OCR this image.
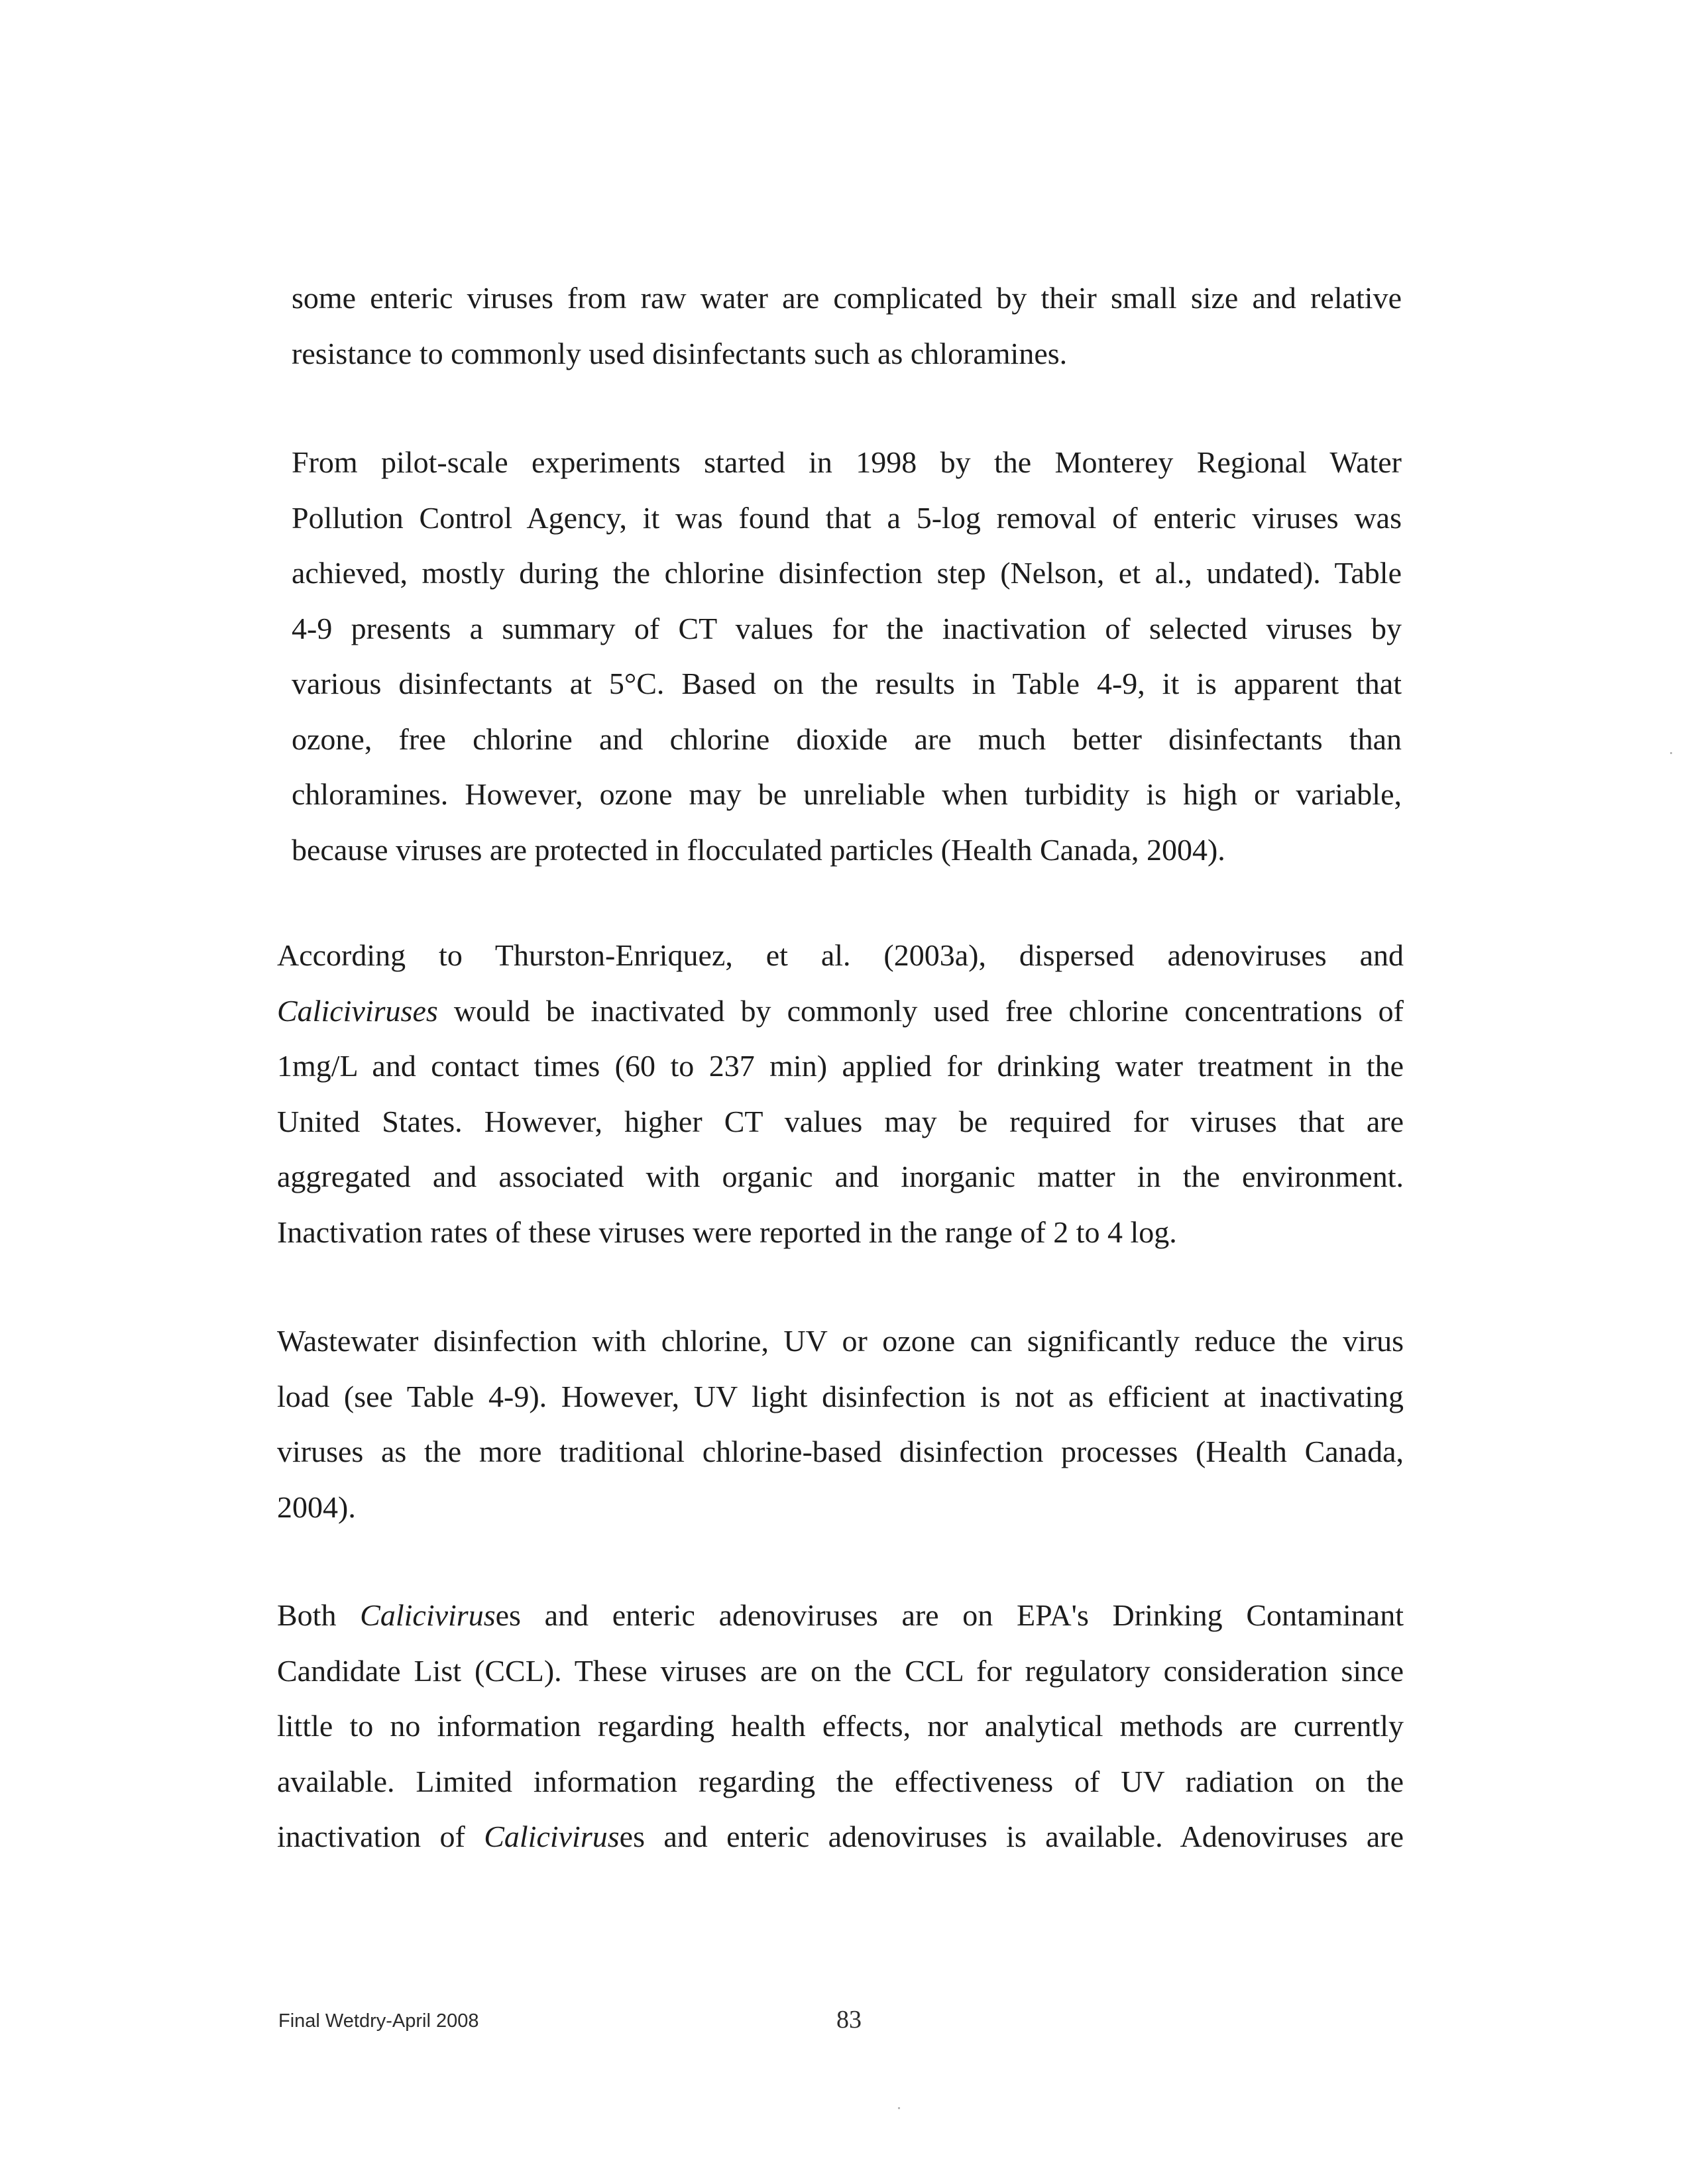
some enteric viruses from raw water are complicated by their small size and relative
resistance to commonly used disinfectants such as chloramines.

From pilot-scale experiments started in 1998 by the Monterey Regional Water
Pollution Control Agency, it was found that a 5-log removal of enteric viruses was
achieved, mostly during the chlorine disinfection step (Nelson, et al., undated). Table
4-9 presents a summary of CT values for the inactivation of selected viruses by
various disinfectants at 5°C. Based on the results in Table 4-9, it is apparent that
ozone, free chlorine and chlorine dioxide are much better disinfectants than
chloramines. However, ozone may be unreliable when turbidity is high or variable,
because viruses are protected in flocculated particles (Health Canada, 2004).

According to Thurston-Enriquez, et al. (2003a), dispersed adenoviruses and
Caliciviruses would be inactivated by commonly used free chlorine concentrations of
1mg/L and contact times (60 to 237 min) applied for drinking water treatment in the
United States. However, higher CT values may be required for viruses that are
aggregated and associated with organic and inorganic matter in the environment.
Inactivation rates of these viruses were reported in the range of 2 to 4 log.

Wastewater disinfection with chlorine, UV or ozone can significantly reduce the virus
load (see Table 4-9). However, UV light disinfection is not as efficient at inactivating
viruses as the more traditional chlorine-based disinfection processes (Health Canada,
2004).

Both Caliciviruses and enteric adenoviruses are on EPA's Drinking Contaminant
Candidate List (CCL). These viruses are on the CCL for regulatory consideration since
little to no information regarding health effects, nor analytical methods are currently
available. Limited information regarding the effectiveness of UV radiation on the
inactivation of Caliciviruses and enteric adenoviruses is available. Adenoviruses are

Final Wetdry-April 2008	83
